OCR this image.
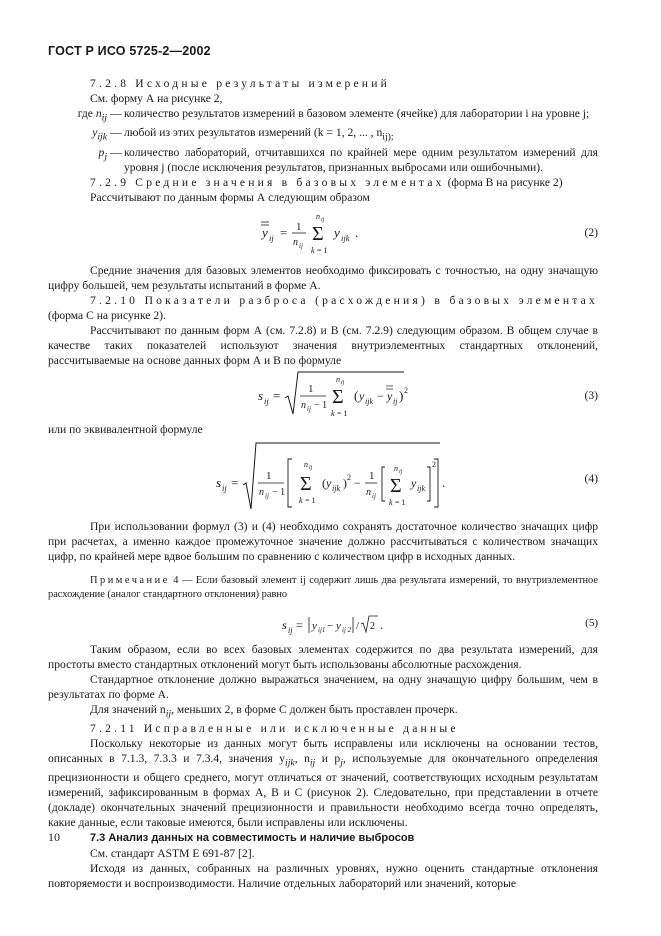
ГОСТ Р ИСО 5725-2—2002

7.2.8 Исходные результаты измерений

См. форму А на рисунке 2,

где $n_{ij}$ — количество результатов измерений в базовом элементе (ячейке) для лаборатории i на уровне j;
$y_{ijk}$ — любой из этих результатов измерений (k = 1, 2, ... , $n_{ij);}$
$p_j$ — количество лабораторий, отчитавшихся по крайней мере одним результатом измерений для уровня j (после исключения результатов, признанных выбросами или ошибочными).

7.2.9 Средние значения в базовых элементах (форма В на рисунке 2)

Рассчитывают по данным формы А следующим образом

y ij = 1
n ij
n ij
Σ
k = 1
y ijk .	(2)

Средние значения для базовых элементов необходимо фиксировать с точностью, на одну значащую цифру большей, чем результаты испытаний в форме А.

7.2.10 Показатели разброса (расхождения) в базовых элементах (форма С на рисунке 2).

Рассчитывают по данным форм А (см. 7.2.8) и В (см. 7.2.9) следующим образом. В общем случае в качестве таких показателей используют значения внутриэлементных стандартных отклонений, рассчитываемые на основе данных форм А и В по формуле

s ij =	1
n ij − 1
n ij
Σ
k = 1
( y ijk − y ij ) 2	(3)

или по эквивалентной формуле

s ij =	1
n ij − 1
n ij
Σ
k = 1
( y ijk ) 2 − 1
n ij
n ij
Σ
k = 1
y ijk
2
.	(4)

При использовании формул (3) и (4) необходимо сохранять достаточное количество значащих цифр при расчетах, а именно каждое промежуточное значение должно рассчитываться с количеством значащих цифр, по крайней мере вдвое большим по сравнению с количеством цифр в исходных данных.

Примечание 4 — Если базовый элемент ij содержит лишь два результата измерений, то внутриэлементное расхождение (аналог стандартного отклонения) равно

s ij = y ij1 − y ij 2 / 2 .	(5)

Таким образом, если во всех базовых элементах содержится по два результата измерений, для простоты вместо стандартных отклонений могут быть использованы абсолютные расхождения.

Стандартное отклонение должно выражаться значением, на одну значащую цифру большим, чем в результатах по форме А.

Для значений $n_{ij}$, меньших 2, в форме С должен быть проставлен прочерк.

7.2.11 Исправленные или исключенные данные

Поскольку некоторые из данных могут быть исправлены или исключены на основании тестов, описанных в 7.1.3, 7.3.3 и 7.3.4, значения $y_{ijk}$, $n_{ij}$ и $p_j$, используемые для окончательного определения прецизионности и общего среднего, могут отличаться от значений, соответствующих исходным результатам измерений, зафиксированным в формах А, В и С (рисунок 2). Следовательно, при представлении в отчете (докладе) окончательных значений прецизионности и правильности необходимо всегда точно определять, какие данные, если таковые имеются, были исправлены или исключены.

7.3 Анализ данных на совместимость и наличие выбросов

См. стандарт ASTM E 691-87 [2].

Исходя из данных, собранных на различных уровнях, нужно оценить стандартные отклонения повторяемости и воспроизводимости. Наличие отдельных лабораторий или значений, которые

10
